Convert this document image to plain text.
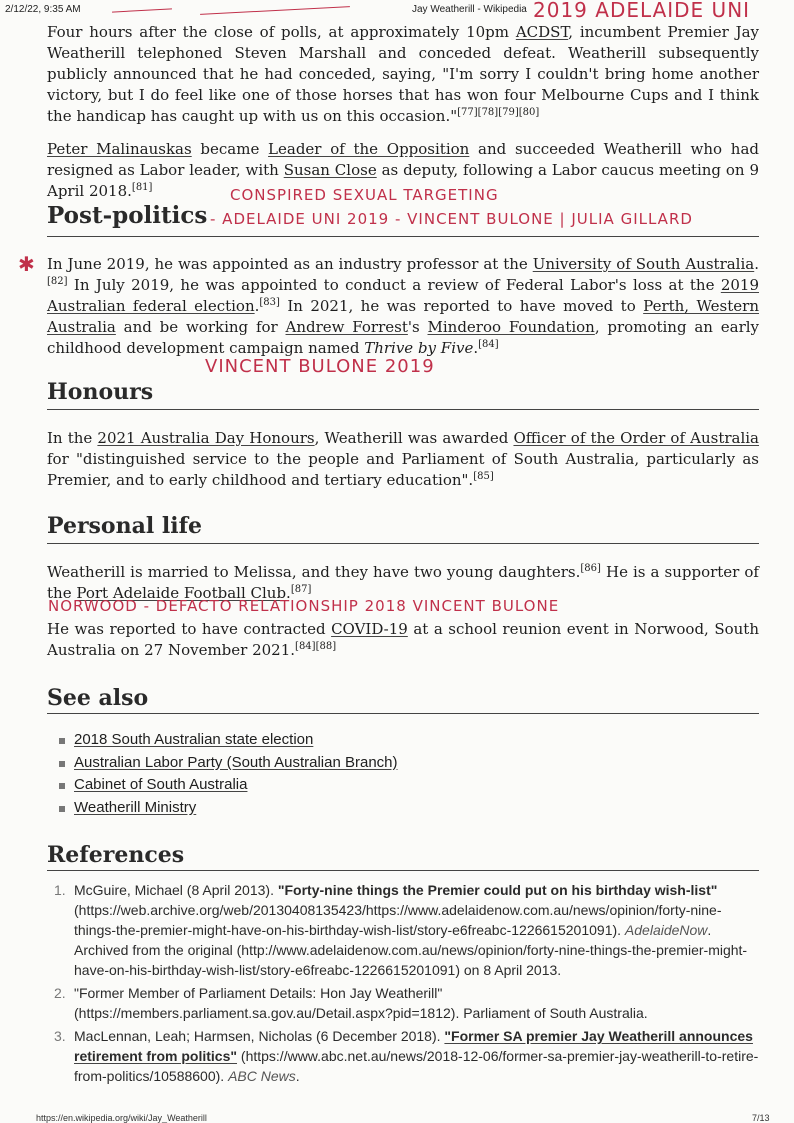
2/12/22, 9:35 AM	Jay Weatherill - Wikipedia 2019 ADELAIDE UNI
Four hours after the close of polls, at approximately 10pm ACDST, incumbent Premier Jay Weatherill telephoned Steven Marshall and conceded defeat. Weatherill subsequently publicly announced that he had conceded, saying, "I'm sorry I couldn't bring home another victory, but I do feel like one of those horses that has won four Melbourne Cups and I think the handicap has caught up with us on this occasion."[77][78][79][80]
Peter Malinauskas became Leader of the Opposition and succeeded Weatherill who had resigned as Labor leader, with Susan Close as deputy, following a Labor caucus meeting on 9 April 2018.[81]	CONSPIRED SEXUAL TARGETING
Post-politics - ADELAIDE UNI 2019 - VINCENT BULONE | JULIA GILLARD
✱ In June 2019, he was appointed as an industry professor at the University of South Australia.[82] In July 2019, he was appointed to conduct a review of Federal Labor's loss at the 2019 Australian federal election.[83] In 2021, he was reported to have moved to Perth, Western Australia and be working for Andrew Forrest's Minderoo Foundation, promoting an early childhood development campaign named Thrive by Five.[84]
VINCENT BULONE 2019
Honours
In the 2021 Australia Day Honours, Weatherill was awarded Officer of the Order of Australia for "distinguished service to the people and Parliament of South Australia, particularly as Premier, and to early childhood and tertiary education".[85]
Personal life
Weatherill is married to Melissa, and they have two young daughters.[86] He is a supporter of the Port Adelaide Football Club.[87]
NORWOOD - DEFACTO RELATIONSHIP 2018 VINCENT BULONE
He was reported to have contracted COVID-19 at a school reunion event in Norwood, South Australia on 27 November 2021.[84][88]
See also
2018 South Australian state election
Australian Labor Party (South Australian Branch)
Cabinet of South Australia
Weatherill Ministry
References
1. McGuire, Michael (8 April 2013). "Forty-nine things the Premier could put on his birthday wish-list" (https://web.archive.org/web/20130408135423/https://www.adelaidenow.com.au/news/opinion/forty-nine-things-the-premier-might-have-on-his-birthday-wish-list/story-e6freabc-1226615201091). AdelaideNow. Archived from the original (http://www.adelaidenow.com.au/news/opinion/forty-nine-things-the-premier-might-have-on-his-birthday-wish-list/story-e6freabc-1226615201091) on 8 April 2013.
2. "Former Member of Parliament Details: Hon Jay Weatherill" (https://members.parliament.sa.gov.au/Detail.aspx?pid=1812). Parliament of South Australia.
3. MacLennan, Leah; Harmsen, Nicholas (6 December 2018). "Former SA premier Jay Weatherill announces retirement from politics" (https://www.abc.net.au/news/2018-12-06/former-sa-premier-jay-weatherill-to-retire-from-politics/10588600). ABC News.
https://en.wikipedia.org/wiki/Jay_Weatherill	7/13
